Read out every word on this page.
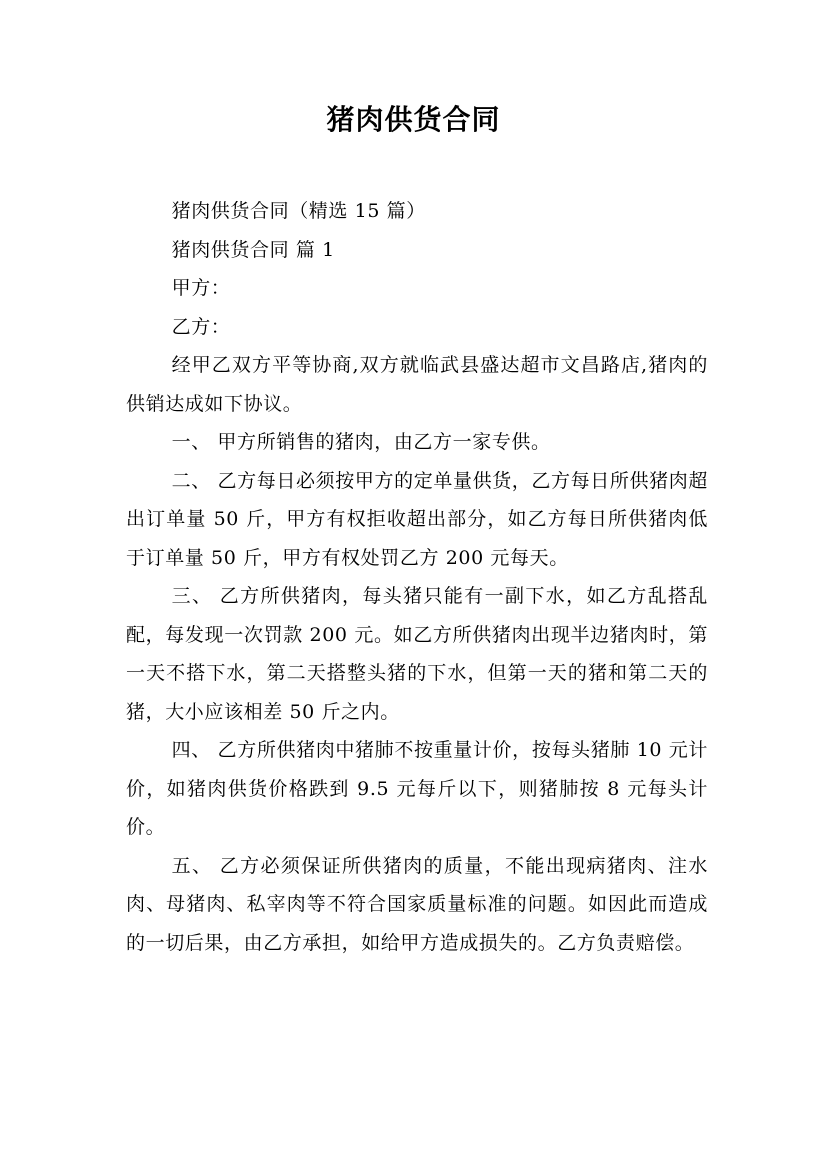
猪肉供货合同

猪肉供货合同（精选 15 篇）

猪肉供货合同 篇 1

甲方：

乙方：

经甲乙双方平等协商,双方就临武县盛达超市文昌路店,猪肉的供销达成如下协议。

一、 甲方所销售的猪肉，由乙方一家专供。

二、 乙方每日必须按甲方的定单量供货，乙方每日所供猪肉超出订单量 50 斤，甲方有权拒收超出部分，如乙方每日所供猪肉低于订单量 50 斤，甲方有权处罚乙方 200 元每天。

三、 乙方所供猪肉，每头猪只能有一副下水，如乙方乱搭乱配，每发现一次罚款 200 元。如乙方所供猪肉出现半边猪肉时，第一天不搭下水，第二天搭整头猪的下水，但第一天的猪和第二天的猪，大小应该相差 50 斤之内。

四、 乙方所供猪肉中猪肺不按重量计价，按每头猪肺 10 元计价，如猪肉供货价格跌到 9.5 元每斤以下，则猪肺按 8 元每头计价。

五、 乙方必须保证所供猪肉的质量，不能出现病猪肉、注水肉、母猪肉、私宰肉等不符合国家质量标准的问题。如因此而造成的一切后果，由乙方承担，如给甲方造成损失的。乙方负责赔偿。
